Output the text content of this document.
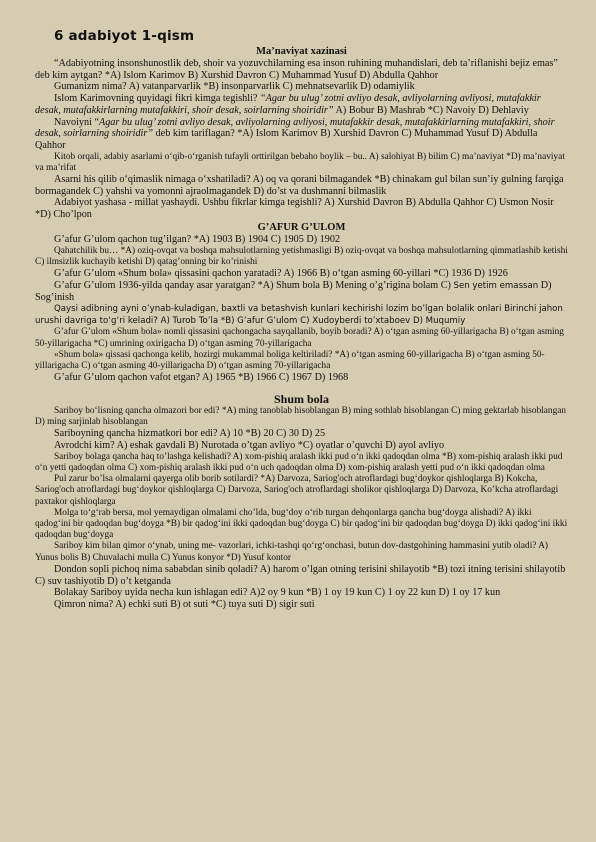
6 adabiyot 1-qism
Ma’naviyat xazinasi

“Adabiyotning insonshunostlik deb, shoir va yozuvchilarning esa inson ruhining muhandislari, deb ta’riflanishi bejiz emas” deb kim aytgan? *A) Islom Karimov B) Xurshid Davron C) Muhammad Yusuf D) Abdulla Qahhor

Gumanizm nima? A) vatanparvarlik *B) insonparvarlik C) mehnatsevarlik D) odamiylik

Islom Karimovning quyidagi fikri kimga tegishli? “Agar bu ulug’ zotni avliyo desak, avliyolarning avliyosi, mutafakkir desak, mutafakkirlarning mutafakkiri, shoir desak, soirlarning shoiridir” A) Bobur B) Mashrab *C) Navoiy D) Dehlaviy

Navoiyni “Agar bu ulug’ zotni avliyo desak, avliyolarning avliyosi, mutafakkir desak, mutafakkirlarning mutafakkiri, shoir desak, soirlarning shoiridir” deb kim tariflagan? *A) Islom Karimov B) Xurshid Davron C) Muhammad Yusuf D) Abdulla Qahhor

Kitob orqali, adabiy asarlami o‘qib-o‘rganish tufayli orttirilgan bebaho boylik – bu.. A) salohiyat B) bilim C) ma’naviyat *D) ma’naviyat va ma’rifat

Asarni his qilib o‘qimaslik nimaga o‘xshatiladi? A) oq va qorani bilmagandek *B) chinakam gul bilan sun’iy gulning farqiga bormagandek C) yahshi va yomonni ajraolmagandek D) do’st va dushmanni bilmaslik

Adabiyot yashasa - millat yashaydi. Ushbu fikrlar kimga tegishli? A) Xurshid Davron B) Abdulla Qahhor C) Usmon Nosir *D) Cho’lpon

G’AFUR G’ULOM

G’afur G’ulom qachon tug’ilgan? *A) 1903 B) 1904 C) 1905 D) 1902

Qahatchilik bu… *A) oziq-ovqat va boshqa mahsulotlarning yetishmasligi B) oziq-ovqat va boshqa mahsulotlarning qimmatlashib ketishi C) ilmsizlik kuchayib ketishi D) qatag’onning bir ko’rinishi

G’afur G’ulom «Shum bola» qissasini qachon yaratadi? A) 1966 B) o‘tgan asming 60-yillari *C) 1936 D) 1926

G’afur G’ulom 1936-yilda qanday asar yaratgan? *A) Shum bola B) Mening o’g’rigina bolam C) Sen yetim emassan D) Sog’inish

Qaysi adibning ayni o’ynab-kuladigan, baxtli va betashvish kunlari kechirishi lozim bo’lgan bolalik onlari Birinchi jahon urushi davriga to‘g‘ri keladi? A) Turob To’la *B) G’afur G’ulom C) Xudoyberdi to’xtaboev D) Muqumiy

G’afur G’ulom «Shum bola» nomli qissasini qachongacha sayqallanib, boyib boradi? A) o‘tgan asming 60-yillarigacha B) o‘tgan asming 50-yillarigacha *C) umrining oxirigacha D) o‘tgan asming 70-yillarigacha

«Shum bola» qissasi qachonga kelib, hozirgi mukammal holiga keltiriladi? *A) o‘tgan asming 60-yillarigacha B) o‘tgan asming 50-yillarigacha C) o‘tgan asming 40-yillarigacha D) o‘tgan asming 70-yillarigacha

G’afur G’ulom qachon vafot etgan? A) 1965 *B) 1966 C) 1967 D) 1968

Shum bola

Sariboy bo‘lisning qancha olmazori bor edi? *A) ming tanoblab hisoblangan B) ming sothlab hisoblangan C) ming gektarlab hisoblangan D) ming sarjinlab hisoblangan

Sariboyning qancha hizmatkori bor edi? A) 10 *B) 20 C) 30 D) 25

Avrodchi kim? A) eshak gavdali B) Nurotada o’tgan avliyo *C) oyatlar o’quvchi D) ayol avliyo

Sariboy bolaga qancha haq to’lashga kelishadi? A) xom-pishiq aralash ikki pud o‘n ikki qadoqdan olma *B) xom-pishiq aralash ikki pud o‘n yetti qadoqdan olma C) xom-pishiq aralash ikki pud o‘n uch qadoqdan olma D) xom-pishiq aralash yetti pud o‘n ikki qadoqdan olma

Pul zarur bo’lsa olmalarni qayerga olib borib sotilardi? *A) Darvoza, Sariog'och atroflardagi bug‘doykor qishloqlarga B) Kokcha, Sariog'och atroflardagi bug‘doykor qishloqlarga C) Darvoza, Sariog'och atroflardagi sholikor qishloqlarga D) Darvoza, Ko’kcha atroflardagi paxtakor qishloqlarga

Molga to‘g‘rab bersa, mol yemaydigan olmalami cho’lda, bug‘doy o‘rib turgan dehqonlarga qancha bug‘doyga alishadi? A) ikki qadog‘ini bir qadoqdan bug‘doyga *B) bir qadog‘ini ikki qadoqdan bug‘doyga C) bir qadog‘ini bir qadoqdan bug‘doyga D) ikki qadog‘ini ikki qadoqdan bug‘doyga

Sariboy kim bilan qimor o‘ynab, uning me- vazorlari, ichki-tashqi qo‘rg‘onchasi, butun dov-dastgohining hammasini yutib oladi? A) Yunus bolis B) Chuvalachi mulla C) Yunus konyor *D) Yusuf kontor

Dondon sopli pichoq nima sababdan sinib qoladi? A) harom o’lgan otning terisini shilayotib *B) tozi itning terisini shilayotib C) suv tashiyotib D) o’t ketganda

Bolakay Sariboy uyida necha kun ishlagan edi? A)2 oy 9 kun *B) 1 oy 19 kun C) 1 oy 22 kun D) 1 oy 17 kun

Qimron nima? A) echki suti B) ot suti *C) tuya suti D) sigir suti
